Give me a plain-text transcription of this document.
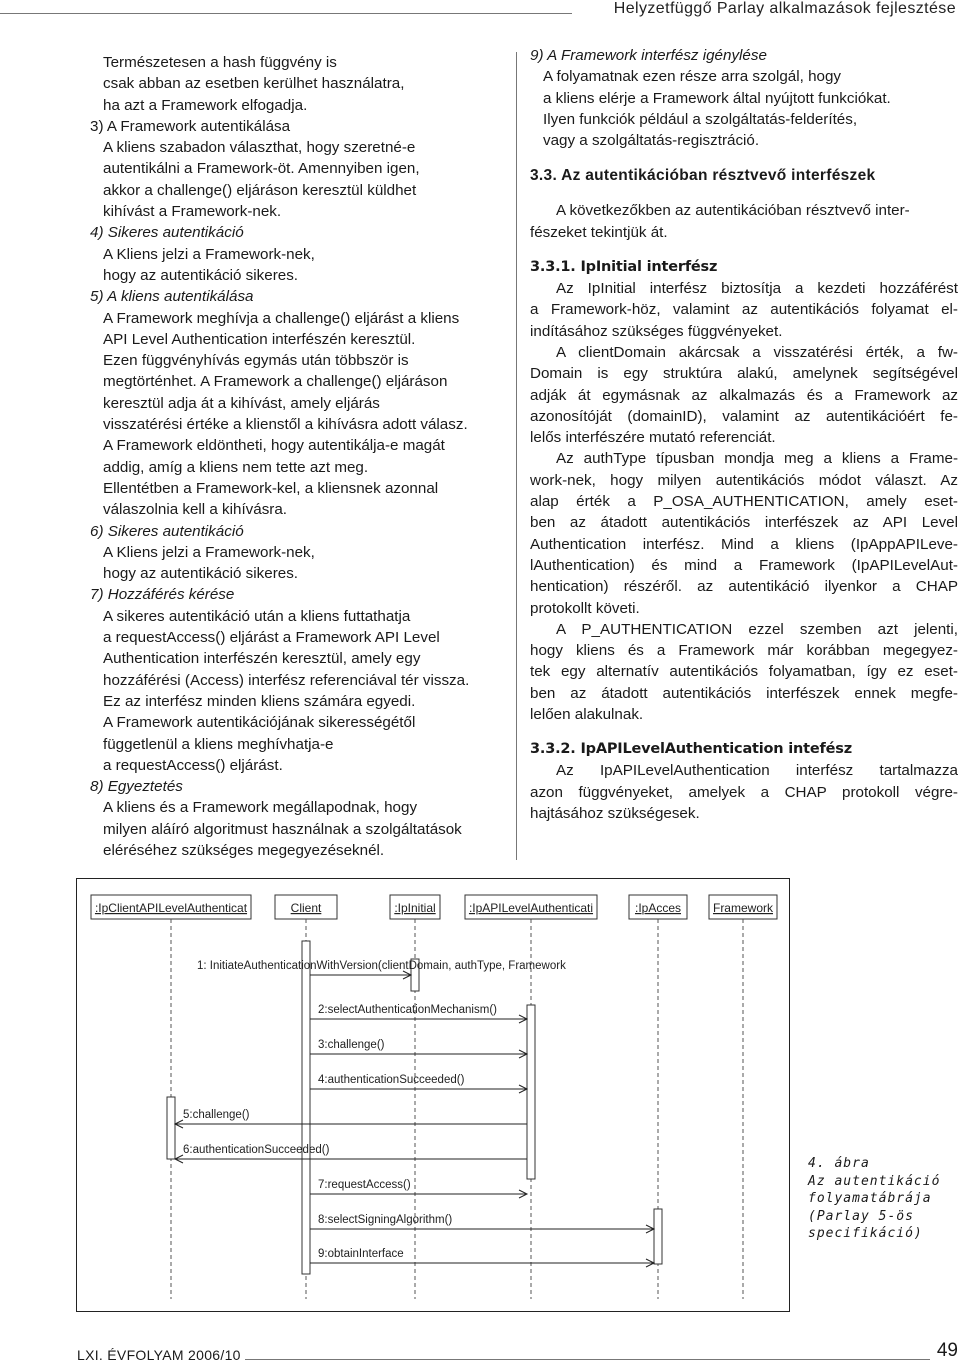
Helyzetfüggő Parlay alkalmazások fejlesztése
Természetesen a hash függvény is
csak abban az esetben kerülhet használatra,
ha azt a Framework elfogadja.
3) A Framework autentikálása
A kliens szabadon választhat, hogy szeretné-e
autentikálni a Framework-öt. Amennyiben igen,
akkor a challenge() eljáráson keresztül küldhet
kihívást a Framework-nek.
4) Sikeres autentikáció
A Kliens jelzi a Framework-nek,
hogy az autentikáció sikeres.
5) A kliens autentikálása
A Framework meghívja a challenge() eljárást a kliens
API Level Authentication interfészén keresztül.
Ezen függvényhívás egymás után többször is
megtörténhet. A Framework a challenge() eljáráson
keresztül adja át a kihívást, amely eljárás
visszatérési értéke a klienstől a kihívásra adott válasz.
A Framework eldöntheti, hogy autentikálja-e magát
addig, amíg a kliens nem tette azt meg.
Ellentétben a Framework-kel, a kliensnek azonnal
válaszolnia kell a kihívásra.
6) Sikeres autentikáció
A Kliens jelzi a Framework-nek,
hogy az autentikáció sikeres.
7) Hozzáférés kérése
A sikeres autentikáció után a kliens futtathatja
a requestAccess() eljárást a Framework API Level
Authentication interfészén keresztül, amely egy
hozzáférési (Access) interfész referenciával tér vissza.
Ez az interfész minden kliens számára egyedi.
A Framework autentikációjának sikerességétől
függetlenül a kliens meghívhatja-e
a requestAccess() eljárást.
8) Egyeztetés
A kliens és a Framework megállapodnak, hogy
milyen aláíró algoritmust használnak a szolgáltatások
eléréséhez szükséges megegyezéseknél.
9) A Framework interfész igénylése
A folyamatnak ezen része arra szolgál, hogy
a kliens elérje a Framework által nyújtott funkciókat.
Ilyen funkciók például a szolgáltatás-felderítés,
vagy a szolgáltatás-regisztráció.
3.3. Az autentikációban résztvevő interfészek
A következőkben az autentikációban résztvevő inter-
fészeket tekintjük át.
3.3.1. IpInitial interfész
Az IpInitial interfész biztosítja a kezdeti hozzáférést
a Framework-höz, valamint az autentikációs folyamat el-
indításához szükséges függvényeket.
A clientDomain akárcsak a visszatérési érték, a fw-
Domain is egy struktúra alakú, amelynek segítségével
adják át egymásnak az alkalmazás és a Framework az
azonosítóját (domainID), valamint az autentikációért fe-
lelős interfészére mutató referenciát.
Az authType típusban mondja meg a kliens a Frame-
work-nek, hogy milyen autentikációs módot választ. Az
alap érték a P_OSA_AUTHENTICATION, amely eset-
ben az átadott autentikációs interfészek az API Level
Authentication interfész. Mind a kliens (IpAppAPILeve-
lAuthentication) és mind a Framework (IpAPILevelAut-
hentication) részéről. az autentikáció ilyenkor a CHAP
protokollt követi.
A P_AUTHENTICATION ezzel szemben azt jelenti,
hogy kliens és a Framework már korábban megegyez-
tek egy alternatív autentikációs folyamatban, így ez eset-
ben az átadott autentikációs interfészek ennek megfe-
lelően alakulnak.
3.3.2. IpAPILevelAuthentication intefész
Az IpAPILevelAuthentication interfész tartalmazza
azon függvényeket, amelyek a CHAP protokoll végre-
hajtásához szükségesek.
:IpClientAPILevelAuthenticat	Client	:IpInitial	:IpAPILevelAuthenticati	:IpAcces	Framework
1: InitiateAuthenticationWithVersion(clientDomain, authType, Framework
2:selectAuthenticationMechanism()
3:challenge()
4:authenticationSucceeded()
5:challenge()
6:authenticationSucceeded()
7:requestAccess()
8:selectSigningAlgorithm()
9:obtainInterface
4. ábra
Az autentikáció
folyamatábrája
(Parlay 5-ös
specifikáció)
LXI. ÉVFOLYAM 2006/10	49
